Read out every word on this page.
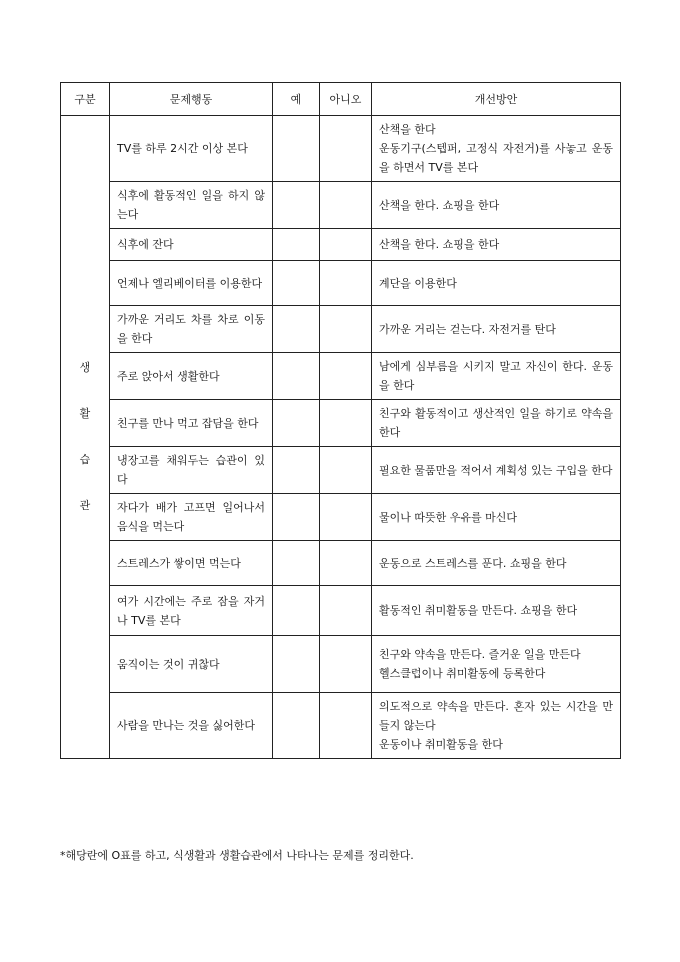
구분	문제행동	예	아니오	개선방안

생
활
습
관	TV를 하루 2시간 이상 본다			산책을 한다
운동기구(스텝퍼, 고정식 자전거)를 사놓고 운동을 하면서 TV를 본다

	식후에 활동적인 일을 하지 않는다			산책을 한다. 쇼핑을 한다

	식후에 잔다			산책을 한다. 쇼핑을 한다

	언제나 엘리베이터를 이용한다			계단을 이용한다

	가까운 거리도 차를 차로 이동을 한다			가까운 거리는 걷는다. 자전거를 탄다

	주로 앉아서 생활한다			남에게 심부름을 시키지 말고 자신이 한다. 운동을 한다

	친구를 만나 먹고 잡담을 한다			친구와 활동적이고 생산적인 일을 하기로 약속을 한다

	냉장고를 채워두는 습관이 있다			필요한 물품만을 적어서 계획성 있는 구입을 한다

	자다가 배가 고프면 일어나서 음식을 먹는다			물이나 따뜻한 우유를 마신다

	스트레스가 쌓이면 먹는다			운동으로 스트레스를 푼다. 쇼핑을 한다

	여가 시간에는 주로 잠을 자거나 TV를 본다			활동적인 취미활동을 만든다. 쇼핑을 한다

	움직이는 것이 귀찮다			친구와 약속을 만든다. 즐거운 일을 만든다
헬스클럽이나 취미활동에 등록한다

	사람을 만나는 것을 싫어한다			의도적으로 약속을 만든다. 혼자 있는 시간을 만들지 않는다
운동이나 취미활동을 한다
*해당란에 O표를 하고, 식생활과 생활습관에서 나타나는 문제를 정리한다.
